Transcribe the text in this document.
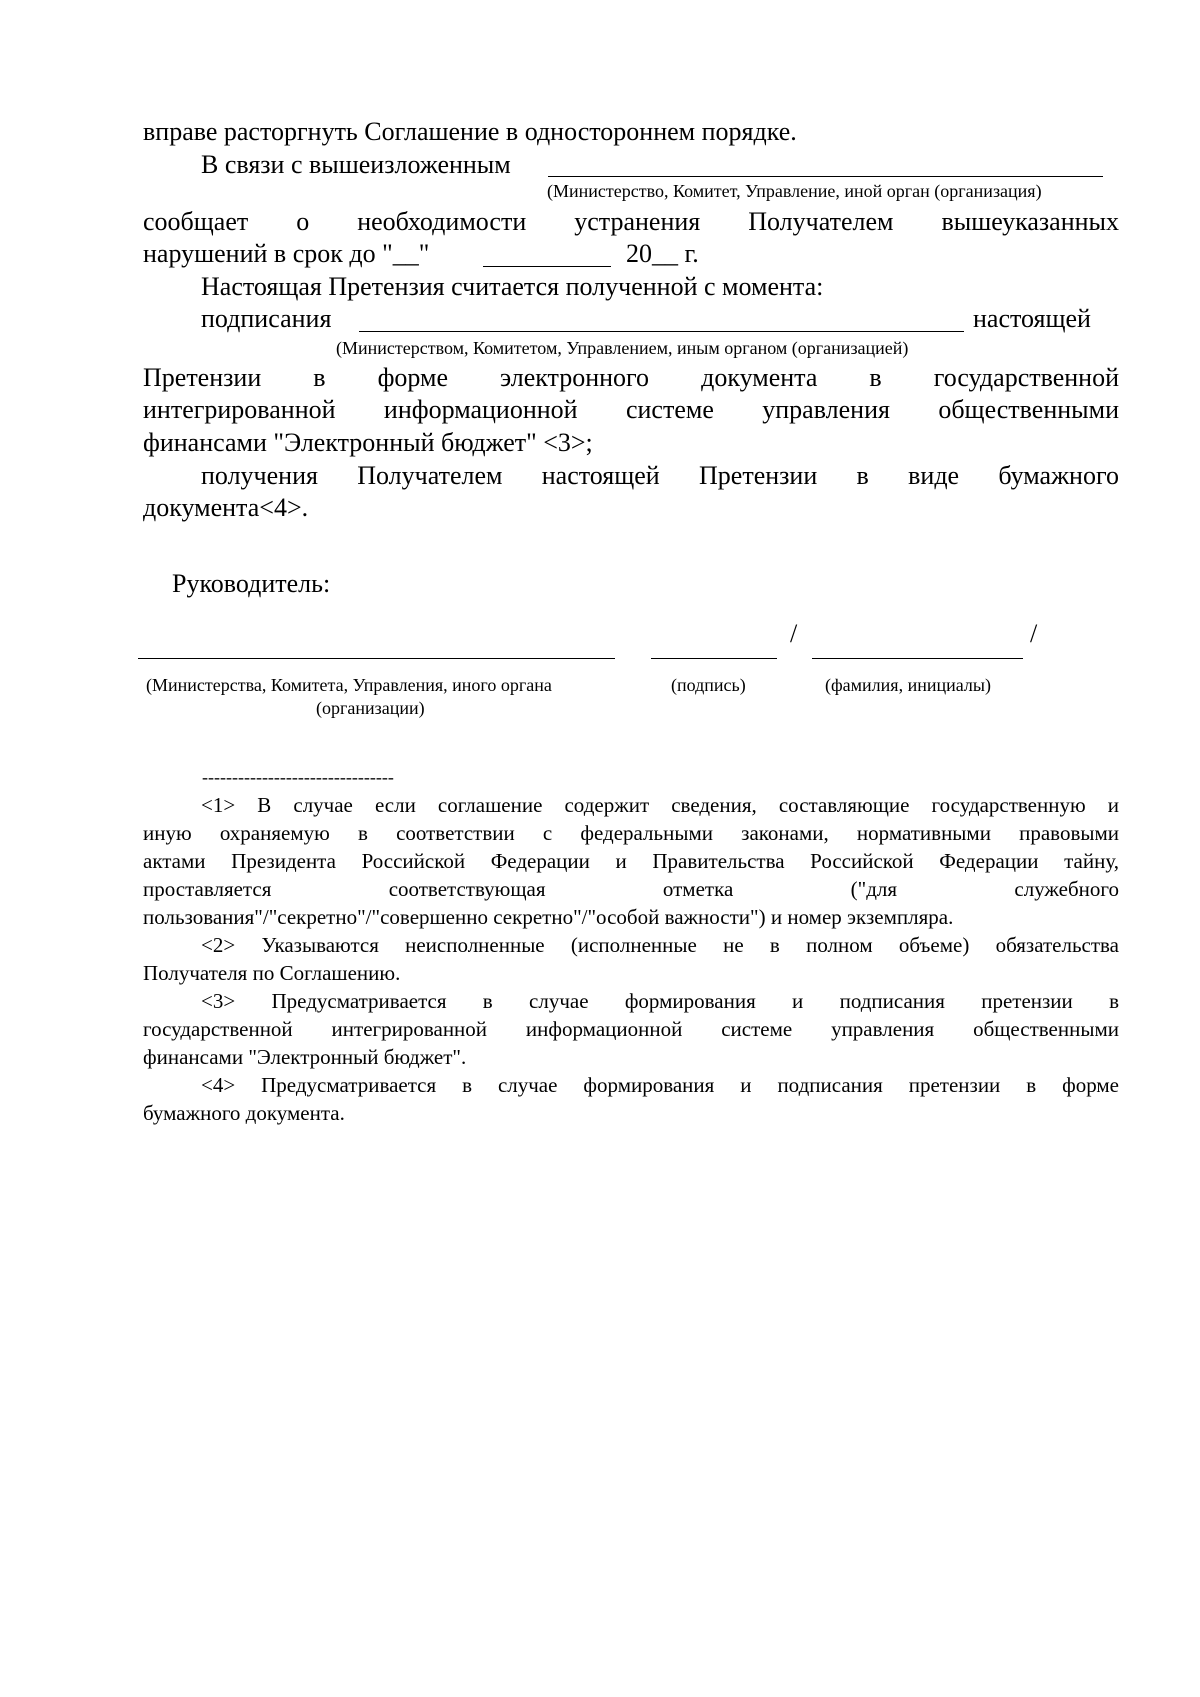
вправе расторгнуть Соглашение в одностороннем порядке.
В связи с вышеизложенным
(Министерство, Комитет, Управление, иной орган (организация)
сообщает о необходимости устранения Получателем вышеуказанных
нарушений в срок до "__"	20__ г.
Настоящая Претензия считается полученной с момента:
подписания	настоящей
(Министерством, Комитетом, Управлением, иным органом (организацией)
Претензии в форме электронного документа в государственной
интегрированной информационной системе управления общественными
финансами "Электронный бюджет" <3>;
получения Получателем настоящей Претензии в виде бумажного
документа<4>.
Руководитель:
/	/
(Министерства, Комитета, Управления, иного органа
(организации)
(подпись)	(фамилия, инициалы)
--------------------------------
<1> В случае если соглашение содержит сведения, составляющие государственную и
иную охраняемую в соответствии с федеральными законами, нормативными правовыми
актами Президента Российской Федерации и Правительства Российской Федерации тайну,
проставляется соответствующая отметка ("для служебного
пользования"/"секретно"/"совершенно секретно"/"особой важности") и номер экземпляра.
<2> Указываются неисполненные (исполненные не в полном объеме) обязательства
Получателя по Соглашению.
<3> Предусматривается в случае формирования и подписания претензии в
государственной интегрированной информационной системе управления общественными
финансами "Электронный бюджет".
<4> Предусматривается в случае формирования и подписания претензии в форме
бумажного документа.
